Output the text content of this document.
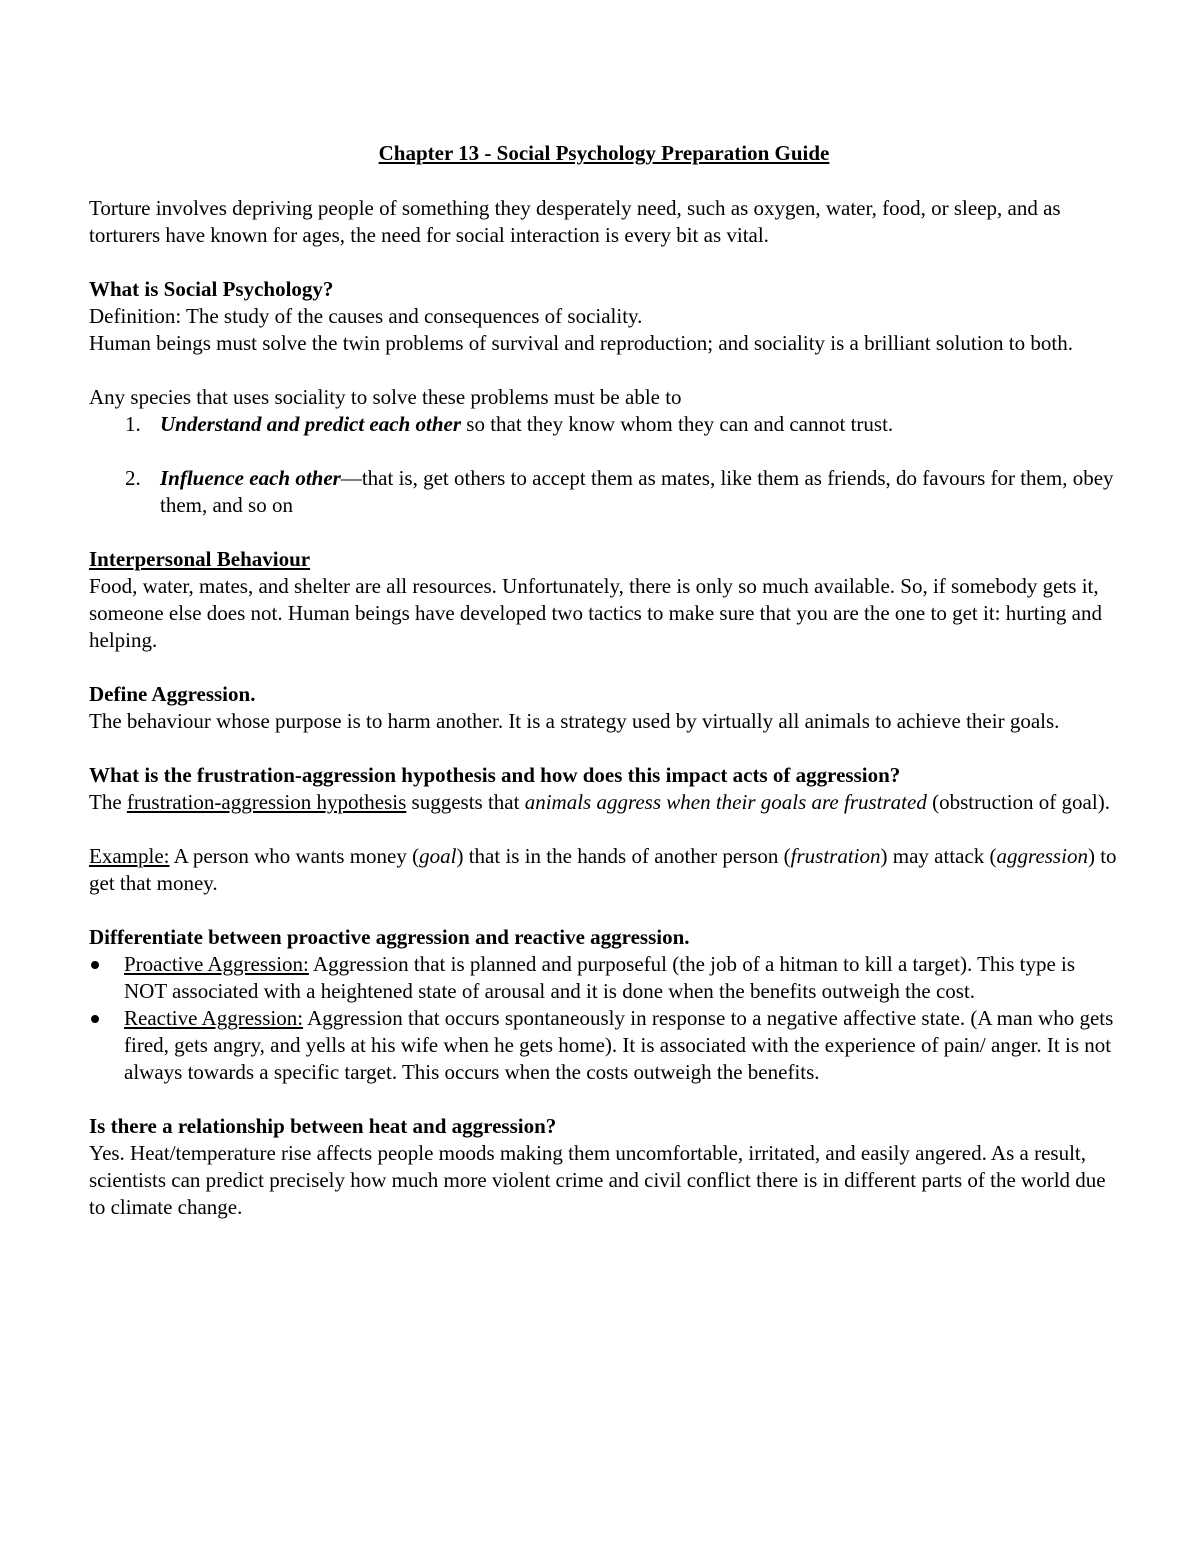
Chapter 13 - Social Psychology Preparation Guide

Torture involves depriving people of something they desperately need, such as oxygen, water, food, or sleep, and as torturers have known for ages, the need for social interaction is every bit as vital.

What is Social Psychology?

Definition: The study of the causes and consequences of sociality.

Human beings must solve the twin problems of survival and reproduction; and sociality is a brilliant solution to both.

Any species that uses sociality to solve these problems must be able to

1. Understand and predict each other so that they know whom they can and cannot trust.
2. Influence each other—that is, get others to accept them as mates, like them as friends, do favours for them, obey them, and so on

Interpersonal Behaviour

Food, water, mates, and shelter are all resources. Unfortunately, there is only so much available. So, if somebody gets it, someone else does not. Human beings have developed two tactics to make sure that you are the one to get it: hurting and helping.

Define Aggression.

The behaviour whose purpose is to harm another. It is a strategy used by virtually all animals to achieve their goals.

What is the frustration-aggression hypothesis and how does this impact acts of aggression?

The frustration-aggression hypothesis suggests that animals aggress when their goals are frustrated (obstruction of goal).

Example: A person who wants money (goal) that is in the hands of another person (frustration) may attack (aggression) to get that money.

Differentiate between proactive aggression and reactive aggression.

Proactive Aggression: Aggression that is planned and purposeful (the job of a hitman to kill a target). This type is NOT associated with a heightened state of arousal and it is done when the benefits outweigh the cost.
Reactive Aggression: Aggression that occurs spontaneously in response to a negative affective state. (A man who gets fired, gets angry, and yells at his wife when he gets home). It is associated with the experience of pain/ anger. It is not always towards a specific target. This occurs when the costs outweigh the benefits.

Is there a relationship between heat and aggression?

Yes. Heat/temperature rise affects people moods making them uncomfortable, irritated, and easily angered. As a result, scientists can predict precisely how much more violent crime and civil conflict there is in different parts of the world due to climate change.
